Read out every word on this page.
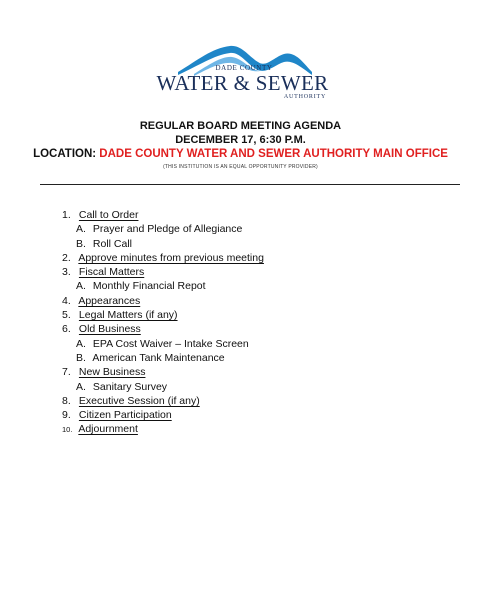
DADE COUNTY
WATER & SEWER
AUTHORITY
REGULAR BOARD MEETING AGENDA
DECEMBER 17, 6:30 P.M.
LOCATION: DADE COUNTY WATER AND SEWER AUTHORITY MAIN OFFICE
(THIS INSTITUTION IS AN EQUAL OPPORTUNITY PROVIDER)
1. Call to Order
A. Prayer and Pledge of Allegiance
B. Roll Call
2. Approve minutes from previous meeting
3. Fiscal Matters
A. Monthly Financial Repot
4. Appearances
5. Legal Matters (if any)
6. Old Business
A. EPA Cost Waiver – Intake Screen
B. American Tank Maintenance
7. New Business
A. Sanitary Survey
8. Executive Session (if any)
9. Citizen Participation
10. Adjournment
